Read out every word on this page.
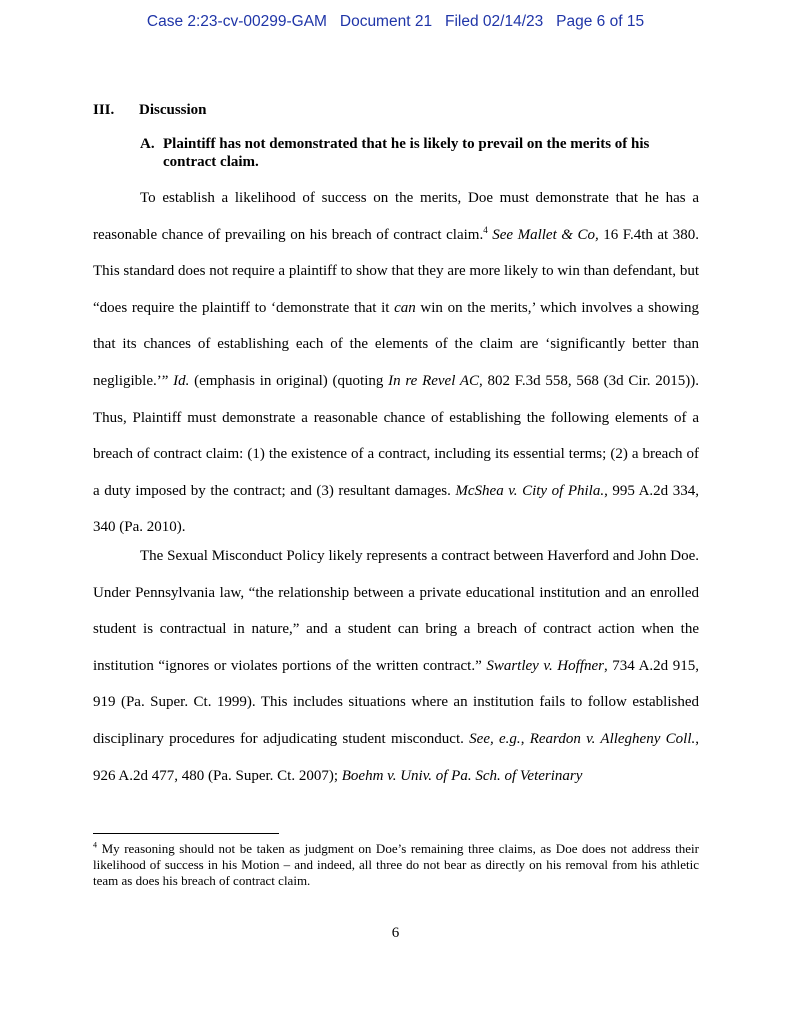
Case 2:23-cv-00299-GAM Document 21 Filed 02/14/23 Page 6 of 15
III. Discussion
A. Plaintiff has not demonstrated that he is likely to prevail on the merits of his contract claim.

To establish a likelihood of success on the merits, Doe must demonstrate that he has a reasonable chance of prevailing on his breach of contract claim.$^4$ See Mallet & Co, 16 F.4th at 380. This standard does not require a plaintiff to show that they are more likely to win than defendant, but “does require the plaintiff to ‘demonstrate that it can win on the merits,’ which involves a showing that its chances of establishing each of the elements of the claim are ‘significantly better than negligible.’” Id. (emphasis in original) (quoting In re Revel AC, 802 F.3d 558, 568 (3d Cir. 2015)). Thus, Plaintiff must demonstrate a reasonable chance of establishing the following elements of a breach of contract claim: (1) the existence of a contract, including its essential terms; (2) a breach of a duty imposed by the contract; and (3) resultant damages. McShea v. City of Phila., 995 A.2d 334, 340 (Pa. 2010).

The Sexual Misconduct Policy likely represents a contract between Haverford and John Doe. Under Pennsylvania law, “the relationship between a private educational institution and an enrolled student is contractual in nature,” and a student can bring a breach of contract action when the institution “ignores or violates portions of the written contract.” Swartley v. Hoffner, 734 A.2d 915, 919 (Pa. Super. Ct. 1999). This includes situations where an institution fails to follow established disciplinary procedures for adjudicating student misconduct. See, e.g., Reardon v. Allegheny Coll., 926 A.2d 477, 480 (Pa. Super. Ct. 2007); Boehm v. Univ. of Pa. Sch. of Veterinary

$^4$ My reasoning should not be taken as judgment on Doe’s remaining three claims, as Doe does not address their likelihood of success in his Motion – and indeed, all three do not bear as directly on his removal from his athletic team as does his breach of contract claim.
6
